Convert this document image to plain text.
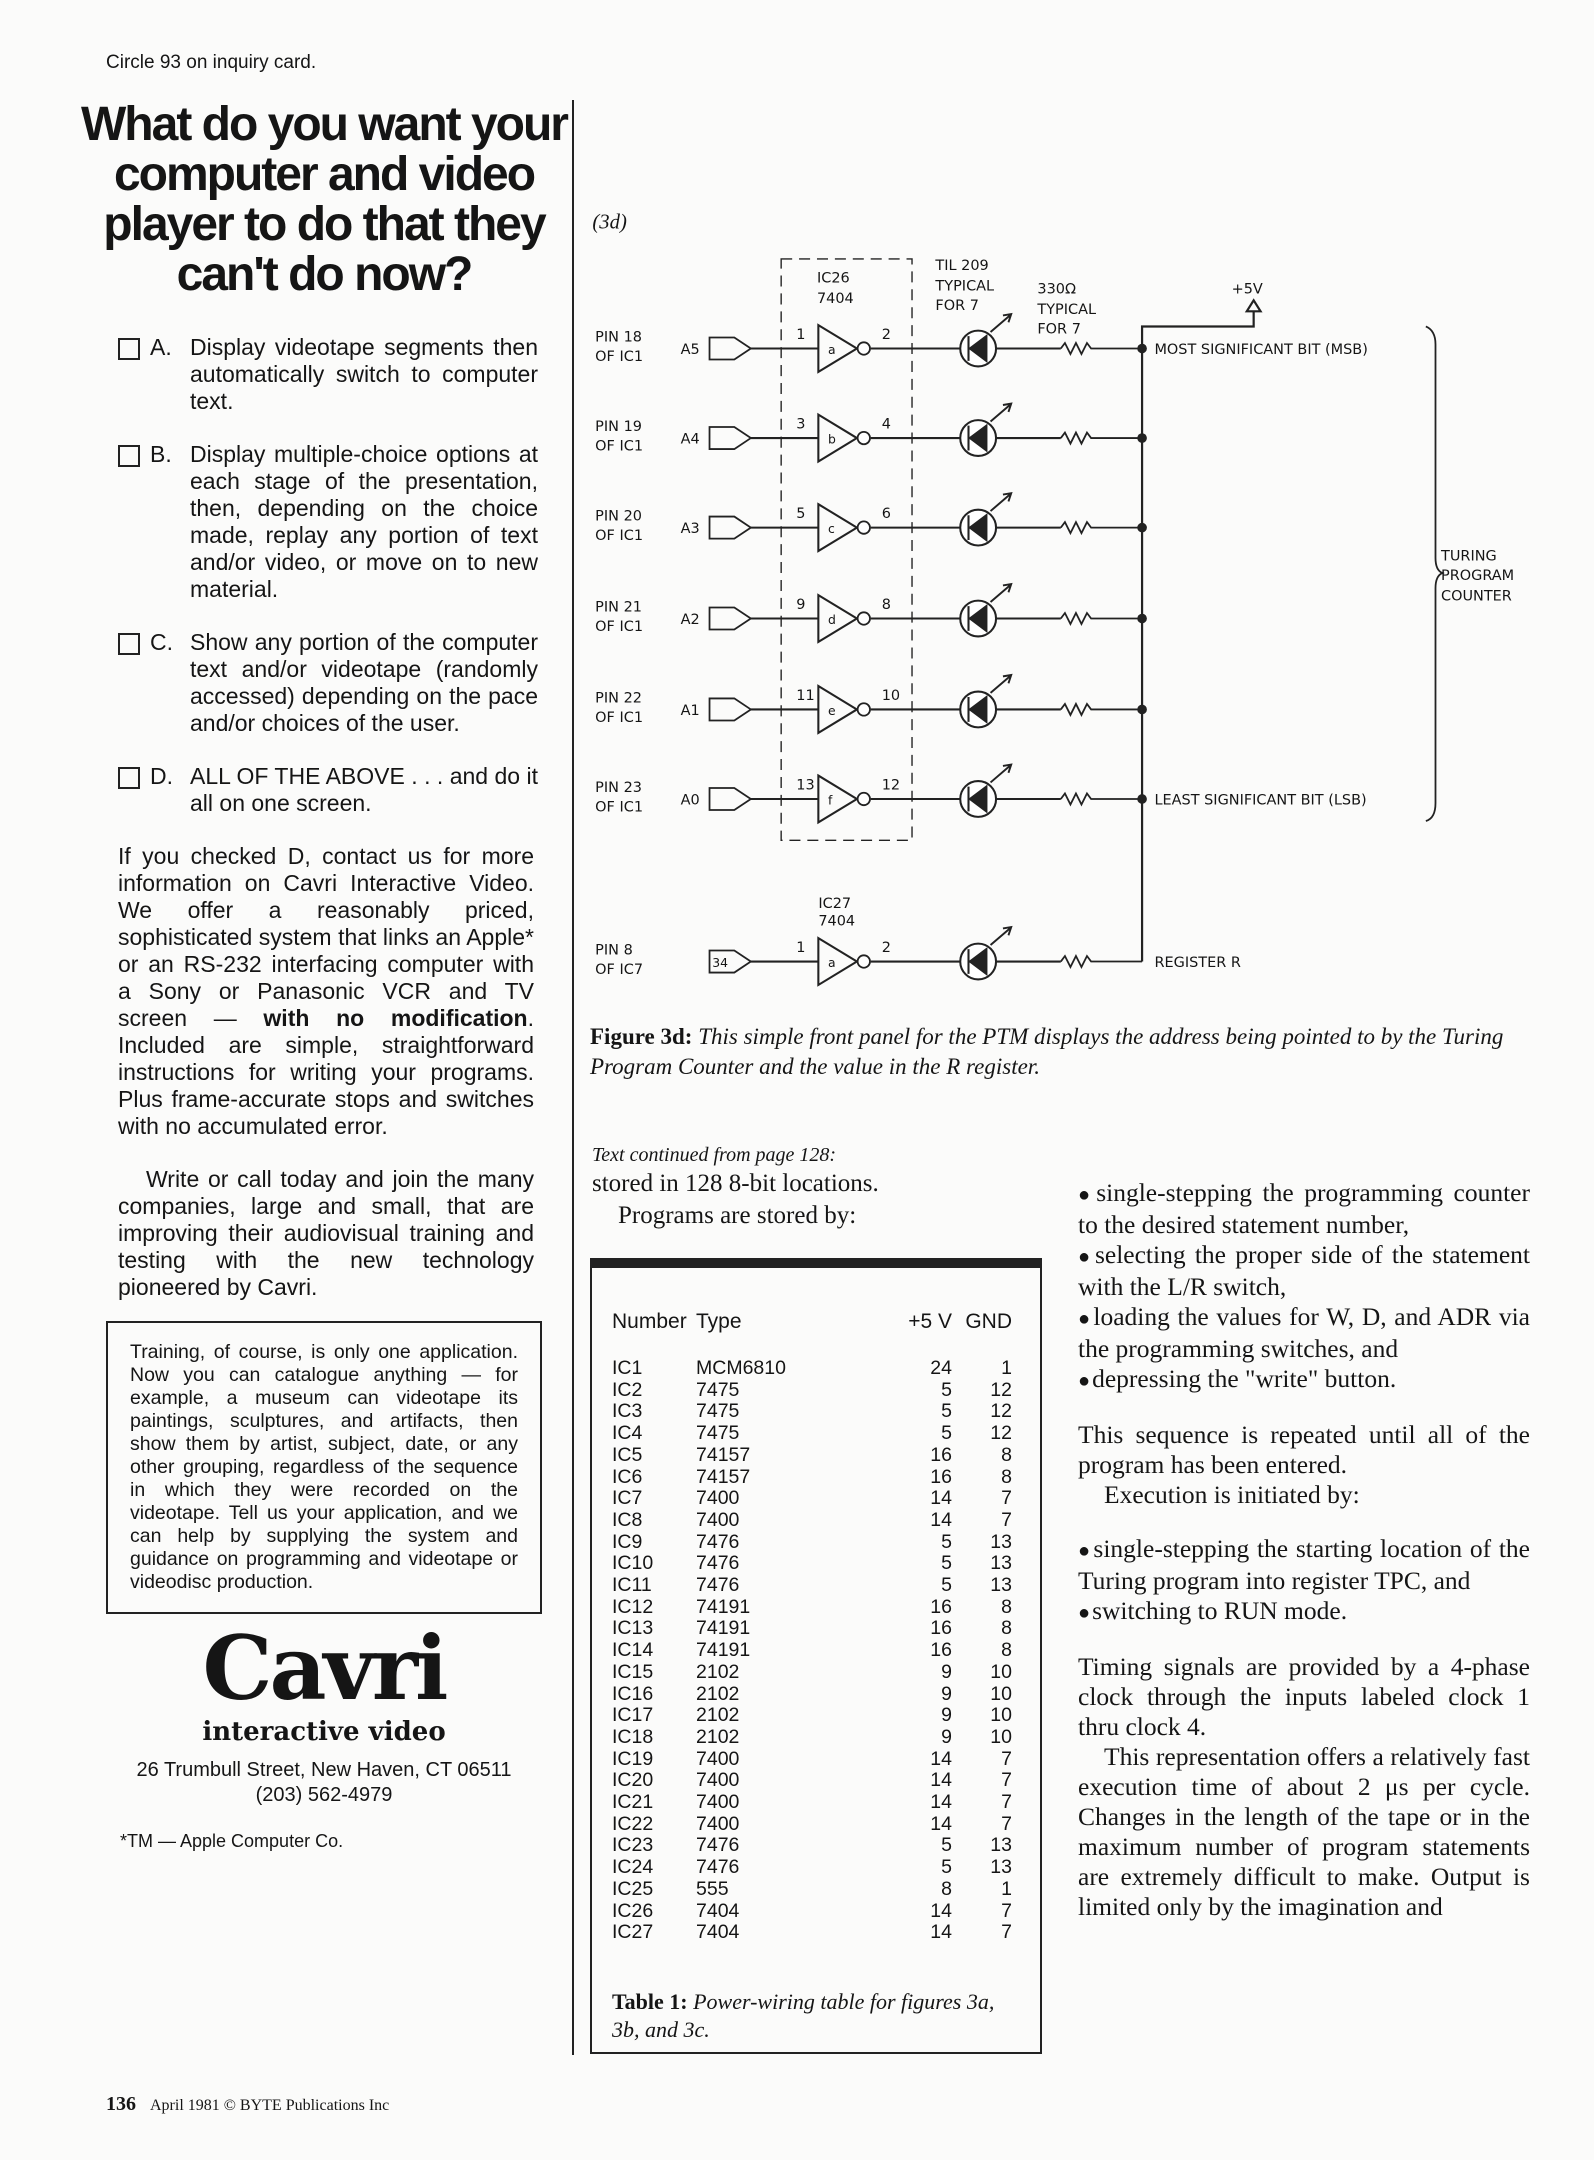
Circle 93 on inquiry card.
What do you want your computer and video player to do that they can't do now?
A. Display videotape segments then automatically switch to computer text.
B. Display multiple-choice options at each stage of the presentation, then, depending on the choice made, replay any portion of text and/or video, or move on to new material.
C. Show any portion of the computer text and/or videotape (randomly accessed) depending on the pace and/or choices of the user.
D. ALL OF THE ABOVE . . . and do it all on one screen.
If you checked D, contact us for more information on Cavri Interactive Video. We offer a reasonably priced, sophisticated system that links an Apple* or an RS-232 interfacing computer with a Sony or Panasonic VCR and TV screen — with no modification. Included are simple, straightforward instructions for writing your programs. Plus frame-accurate stops and switches with no accumulated error.
Write or call today and join the many companies, large and small, that are improving their audiovisual training and testing with the new technology pioneered by Cavri.
Training, of course, is only one application. Now you can catalogue anything — for example, a museum can videotape its paintings, sculptures, and artifacts, then show them by artist, subject, date, or any other grouping, regardless of the sequence in which they were recorded on the videotape. Tell us your application, and we can help by supplying the system and guidance on programming and videotape or videodisc production.
Cavri
interactive video
26 Trumbull Street, New Haven, CT 06511
(203) 562-4979
*TM — Apple Computer Co.
136 April 1981 © BYTE Publications Inc
(3d)
IC26
7404
TIL 209
TYPICAL
FOR 7
330Ω
TYPICAL
FOR 7
+5V
PIN 18
OF IC1	A5	a
1	2
PIN 19
OF IC1	A4	b
3	4
PIN 20
OF IC1	A3	c
5	6
PIN 21
OF IC1	A2	d
9	8
PIN 22
OF IC1	A1	e
11	10
PIN 23
OF IC1	A0	f
13	12
PIN 8
OF IC7	34	a
1	2
MOST SIGNIFICANT BIT (MSB)
LEAST SIGNIFICANT BIT (LSB)
REGISTER R
TURING
PROGRAM
COUNTER
IC27
7404
Figure 3d: This simple front panel for the PTM displays the address being pointed to by the Turing Program Counter and the value in the R register.
Text continued from page 128:
stored in 128 8-bit locations.
Programs are stored by:
Number	Type	+5 V	GND
IC1	MCM6810	24	1
IC2	7475	5	12
IC3	7475	5	12
IC4	7475	5	12
IC5	74157	16	8
IC6	74157	16	8
IC7	7400	14	7
IC8	7400	14	7
IC9	7476	5	13
IC10	7476	5	13
IC11	7476	5	13
IC12	74191	16	8
IC13	74191	16	8
IC14	74191	16	8
IC15	2102	9	10
IC16	2102	9	10
IC17	2102	9	10
IC18	2102	9	10
IC19	7400	14	7
IC20	7400	14	7
IC21	7400	14	7
IC22	7400	14	7
IC23	7476	5	13
IC24	7476	5	13
IC25	555	8	1
IC26	7404	14	7
IC27	7404	14	7
Table 1: Power-wiring table for figures 3a, 3b, and 3c.

● single-stepping the programming counter to the desired statement number,
● selecting the proper side of the statement with the L/R switch,
● loading the values for W, D, and ADR via the programming switches, and
● depressing the "write" button.

This sequence is repeated until all of the program has been entered.
Execution is initiated by:

● single-stepping the starting location of the Turing program into register TPC, and
● switching to RUN mode.

Timing signals are provided by a 4-phase clock through the inputs labeled clock 1 thru clock 4.
This representation offers a relatively fast execution time of about 2 μs per cycle. Changes in the length of the tape or in the maximum number of program statements are extremely difficult to make. Output is limited only by the imagination and
